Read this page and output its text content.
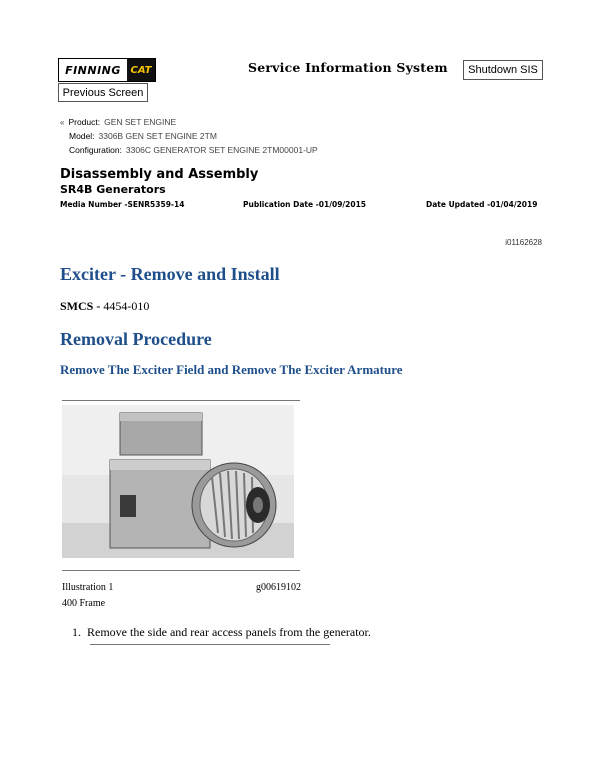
FINNING CAT	Service Information System	Shutdown SIS
Previous Screen
« Product: GEN SET ENGINE
Model: 3306B GEN SET ENGINE 2TM
Configuration: 3306C GENERATOR SET ENGINE 2TM00001-UP
Disassembly and Assembly
SR4B Generators
Media Number -SENR5359-14	Publication Date -01/09/2015	Date Updated -01/04/2019
i01162628
Exciter - Remove and Install
SMCS - 4454-010
Removal Procedure
Remove The Exciter Field and Remove The Exciter Armature
Illustration 1	g00619102
400 Frame
1. Remove the side and rear access panels from the generator.
